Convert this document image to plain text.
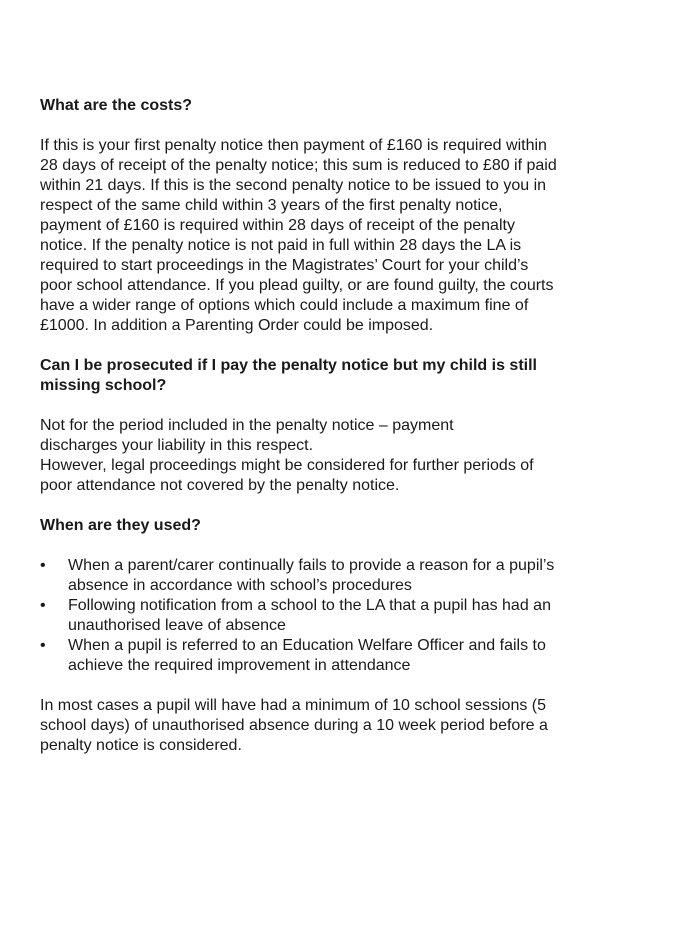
What are the costs?

If this is your first penalty notice then payment of £160 is required within 28 days of receipt of the penalty notice; this sum is reduced to £80 if paid within 21 days. If this is the second penalty notice to be issued to you in respect of the same child within 3 years of the first penalty notice, payment of £160 is required within 28 days of receipt of the penalty notice. If the penalty notice is not paid in full within 28 days the LA is required to start proceedings in the Magistrates’ Court for your child’s poor school attendance. If you plead guilty, or are found guilty, the courts have a wider range of options which could include a maximum fine of £1000. In addition a Parenting Order could be imposed.

Can I be prosecuted if I pay the penalty notice but my child is still missing school?

Not for the period included in the penalty notice – payment discharges your liability in this respect.

However, legal proceedings might be considered for further periods of poor attendance not covered by the penalty notice.

When are they used?

• When a parent/carer continually fails to provide a reason for a pupil’s absence in accordance with school’s procedures
• Following notification from a school to the LA that a pupil has had an unauthorised leave of absence
• When a pupil is referred to an Education Welfare Officer and fails to achieve the required improvement in attendance

In most cases a pupil will have had a minimum of 10 school sessions (5 school days) of unauthorised absence during a 10 week period before a penalty notice is considered.
